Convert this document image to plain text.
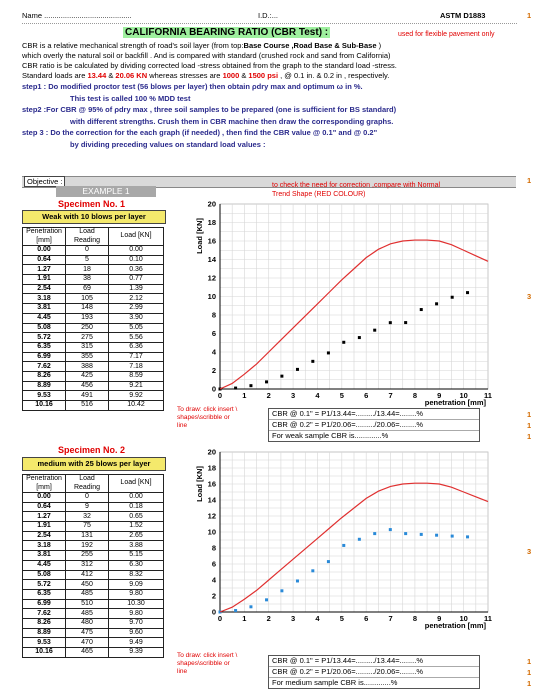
Name ..........................................	I.D.:...	ASTM D1883	1
CALIFORNIA BEARING RATIO (CBR Test) :	used for flexible pavement only
CBR is a relative mechanical strength of road's soil layer (from top:Base Course ,Road Base & Sub-Base )
which overly the natural soil or backfill . And is compared with standard (crushed rock and sand from California)
CBR ratio is be calculated by dividing corrected load -stress obtained from the graph to the standard load -stress.
Standard loads are 13.44 & 20.06 KN whereas stresses are 1000 & 1500 psi , @ 0.1 in. & 0.2 in , respectively.
step1 : Do modified proctor test (56 blows per layer) then obtain ρdry max and optimum ω in %.
This test is called 100 % MDD test
step2 :For CBR @ 95% of ρdry max , three soil samples to be prepared (one is sufficient for BS standard)
with different strengths. Crush them in CBR machine then draw the corresponding graphs.
step 3 : Do the correction for the each graph (if needed) , then find the CBR value @ 0.1" and @ 0.2"
by dividing preceding values on standard load values :
Objective :	1
EXAMPLE 1
to check the need for correction ,compare with Normal
Trend Shape (RED COLOUR)
Specimen No. 1
Weak with 10 blows per layer
Penetration
[mm]	Load
Reading	Load [KN]
0.00	0	0.00
0.64	5	0.10
1.27	18	0.36
1.91	38	0.77
2.54	69	1.39
3.18	105	2.12
3.81	148	2.99
4.45	193	3.90
5.08	250	5.05
5.72	275	5.56
6.35	315	6.36
6.99	355	7.17
7.62	388	7.18
8.26	425	8.59
8.89	456	9.21
9.53	491	9.92
10.16	516	10.42
0
2
4
6
8
10
12
14
16
18
20
0	1	2	3	4	5	6	7	8	9 10 11
penetration [mm]
Load [KN]
3
To draw: click insert \
shapes\scribble or
line
CBR @ 0.1" = P1/13.44=........./13.44=........%
CBR @ 0.2" = P1/20.06=........./20.06=........%
For weak sample CBR is.............%
1
1
1
Specimen No. 2
medium with 25 blows per layer
Penetration
[mm]	Load
Reading	Load [KN]
0.00	0	0.00
0.64	9	0.18
1.27	32	0.65
1.91	75	1.52
2.54	131	2.65
3.18	192	3.88
3.81	255	5.15
4.45	312	6.30
5.08	412	8.32
5.72	450	9.09
6.35	485	9.80
6.99	510	10.30
7.62	485	9.80
8.26	480	9.70
8.89	475	9.60
9.53	470	9.49
10.16	465	9.39
0
2
4
6
8
10
12
14
16
18
20
0	1	2	3	4	5	6	7	8	9 10 11
penetration [mm]
Load [KN]
3
To draw: click insert \
shapes\scribble or
line
CBR @ 0.1" = P1/13.44=........./13.44=........%
CBR @ 0.2" = P1/20.06=........./20.06=........%
For medium sample CBR is.............%
1
1
1
